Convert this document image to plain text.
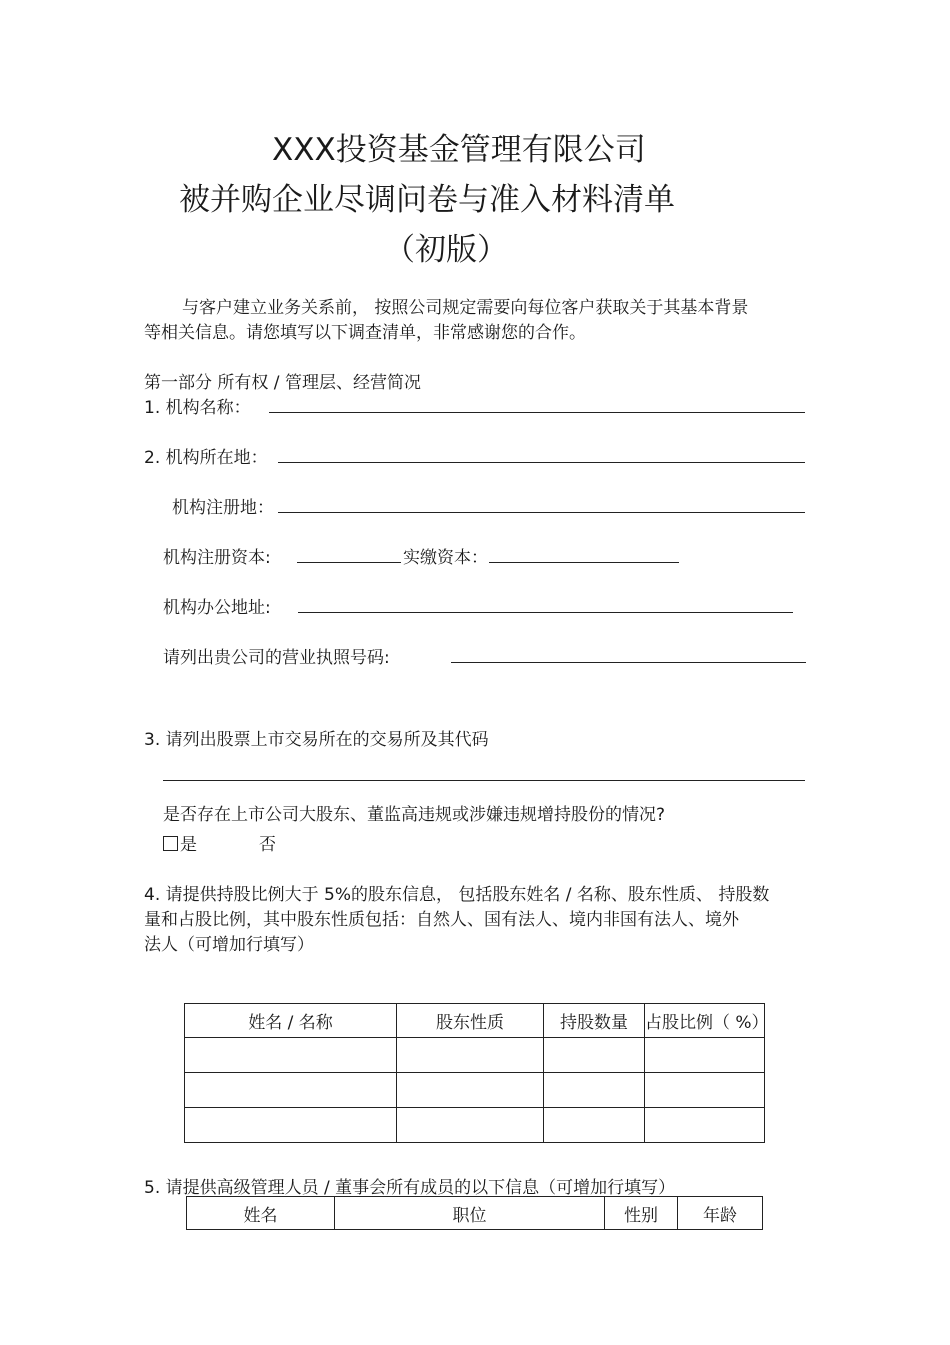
XXX投资基金管理有限公司
被并购企业尽调问卷与准入材料清单
（初版）
与客户建立业务关系前， 按照公司规定需要向每位客户获取关于其基本背景
等相关信息。请您填写以下调查清单，非常感谢您的合作。
第一部分 所有权 / 管理层、经营简况
1. 机构名称：
2. 机构所在地：
机构注册地：
机构注册资本:	实缴资本：
机构办公地址:
请列出贵公司的营业执照号码:
3. 请列出股票上市交易所在的交易所及其代码
是否存在上市公司大股东、董监高违规或涉嫌违规增持股份的情况?
是	否
4. 请提供持股比例大于 5%的股东信息， 包括股东姓名 / 名称、股东性质、 持股数
量和占股比例，其中股东性质包括：自然人、国有法人、境内非国有法人、境外
法人（可增加行填写）
姓名 / 名称	股东性质	持股数量	占股比例（ %）

5. 请提供高级管理人员 / 董事会所有成员的以下信息（可增加行填写）
姓名	职位	性别	年龄
